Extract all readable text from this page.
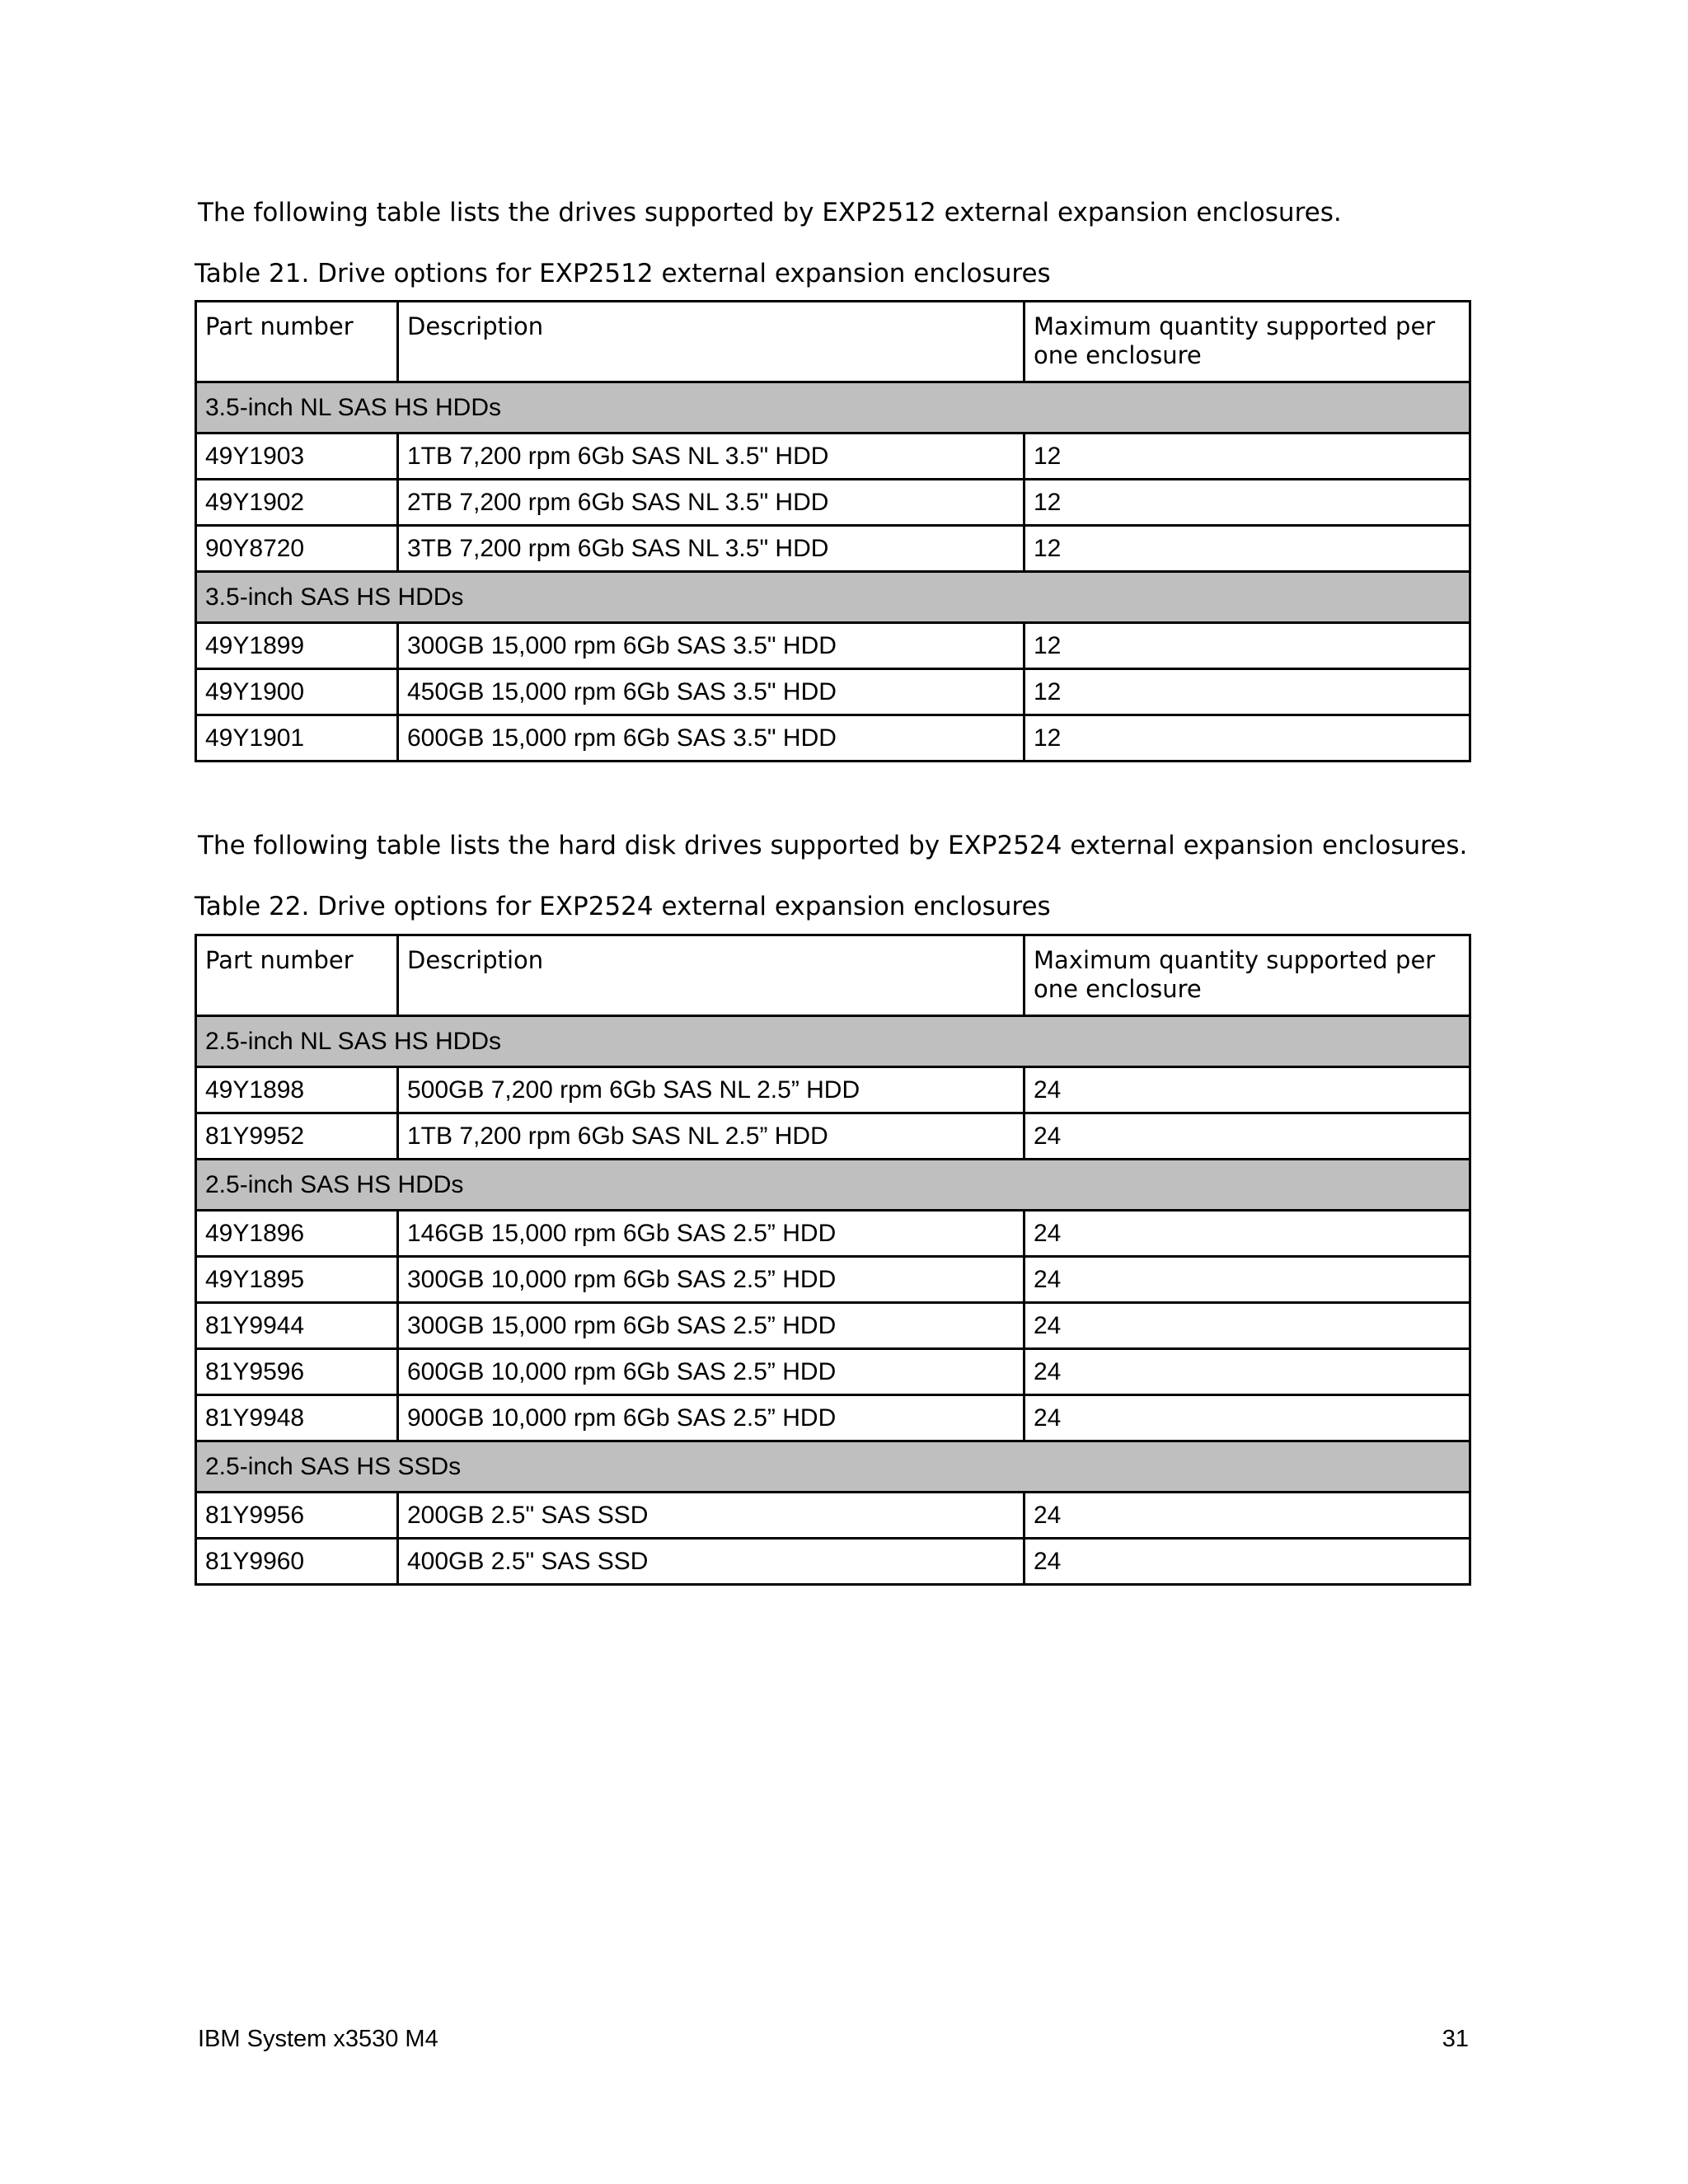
The following table lists the drives supported by EXP2512 external expansion enclosures.

Table 21. Drive options for EXP2512 external expansion enclosures

Part number	Description	Maximum quantity supported per one enclosure
3.5-inch NL SAS HS HDDs		
49Y1903	1TB 7,200 rpm 6Gb SAS NL 3.5" HDD	12
49Y1902	2TB 7,200 rpm 6Gb SAS NL 3.5" HDD	12
90Y8720	3TB 7,200 rpm 6Gb SAS NL 3.5" HDD	12
3.5-inch SAS HS HDDs		
49Y1899	300GB 15,000 rpm 6Gb SAS 3.5" HDD	12
49Y1900	450GB 15,000 rpm 6Gb SAS 3.5" HDD	12
49Y1901	600GB 15,000 rpm 6Gb SAS 3.5" HDD	12

The following table lists the hard disk drives supported by EXP2524 external expansion enclosures.

Table 22. Drive options for EXP2524 external expansion enclosures

Part number	Description	Maximum quantity supported per one enclosure
2.5-inch NL SAS HS HDDs		
49Y1898	500GB 7,200 rpm 6Gb SAS NL 2.5” HDD	24
81Y9952	1TB 7,200 rpm 6Gb SAS NL 2.5” HDD	24
2.5-inch SAS HS HDDs		
49Y1896	146GB 15,000 rpm 6Gb SAS 2.5” HDD	24
49Y1895	300GB 10,000 rpm 6Gb SAS 2.5” HDD	24
81Y9944	300GB 15,000 rpm 6Gb SAS 2.5” HDD	24
81Y9596	600GB 10,000 rpm 6Gb SAS 2.5” HDD	24
81Y9948	900GB 10,000 rpm 6Gb SAS 2.5” HDD	24
2.5-inch SAS HS SSDs		
81Y9956	200GB 2.5" SAS SSD	24
81Y9960	400GB 2.5" SAS SSD	24
IBM System x3530 M4	31
